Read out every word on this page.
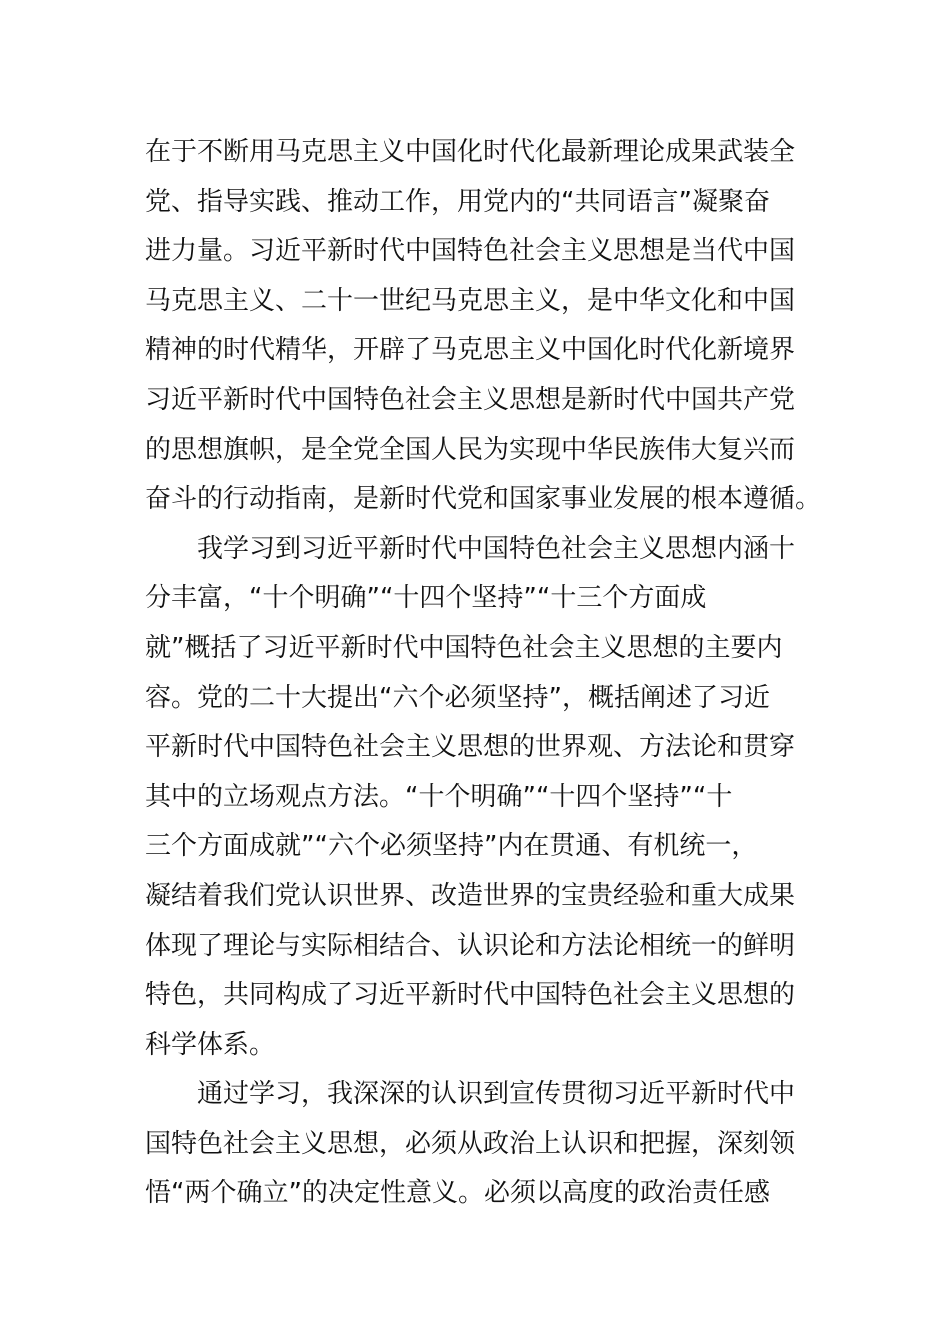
在于不断用马克思主义中国化时代化最新理论成果武装全
党、指导实践、推动工作，用党内的“共同语言”凝聚奋
进力量。习近平新时代中国特色社会主义思想是当代中国
马克思主义、二十一世纪马克思主义，是中华文化和中国
精神的时代精华，开辟了马克思主义中国化时代化新境界
习近平新时代中国特色社会主义思想是新时代中国共产党
的思想旗帜，是全党全国人民为实现中华民族伟大复兴而
奋斗的行动指南，是新时代党和国家事业发展的根本遵循。
我学习到习近平新时代中国特色社会主义思想内涵十
分丰富，“十个明确”“十四个坚持”“十三个方面成
就”概括了习近平新时代中国特色社会主义思想的主要内
容。党的二十大提出“六个必须坚持”，概括阐述了习近
平新时代中国特色社会主义思想的世界观、方法论和贯穿
其中的立场观点方法。“十个明确”“十四个坚持”“十
三个方面成就”“六个必须坚持”内在贯通、有机统一，
凝结着我们党认识世界、改造世界的宝贵经验和重大成果
体现了理论与实际相结合、认识论和方法论相统一的鲜明
特色，共同构成了习近平新时代中国特色社会主义思想的
科学体系。
通过学习，我深深的认识到宣传贯彻习近平新时代中
国特色社会主义思想，必须从政治上认识和把握，深刻领
悟“两个确立”的决定性意义。必须以高度的政治责任感
